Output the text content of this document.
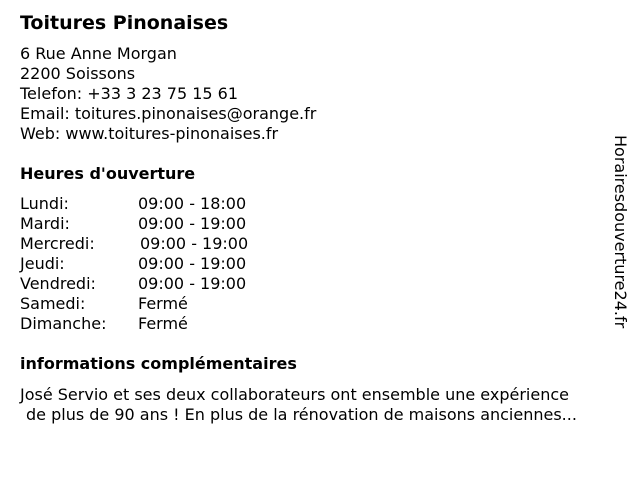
Toitures Pinonaises
6 Rue Anne Morgan
2200 Soissons
Telefon: +33 3 23 75 15 61
Email: toitures.pinonaises@orange.fr
Web: www.toitures-pinonaises.fr
Heures d'ouverture
Lundi:	09:00 - 18:00
Mardi:	09:00 - 19:00
Mercredi:	09:00 - 19:00
Jeudi:	09:00 - 19:00
Vendredi:	09:00 - 19:00
Samedi:	Fermé
Dimanche: Fermé
informations complémentaires
José Servio et ses deux collaborateurs ont ensemble une expérience
de plus de 90 ans ! En plus de la rénovation de maisons anciennes...
Horairesdouverture24.fr
